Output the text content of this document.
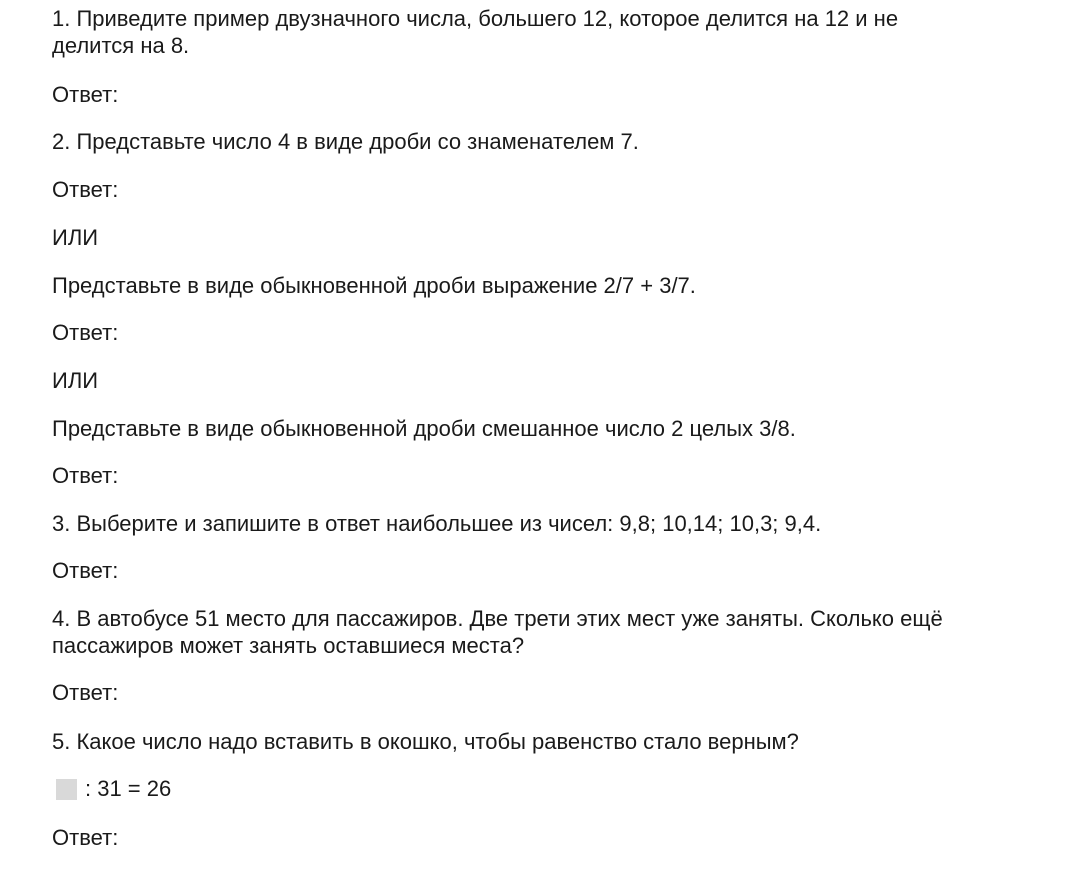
1. Приведите пример двузначного числа, большего 12, которое делится на 12 и не
делится на 8.
Ответ:
2. Представьте число 4 в виде дроби со знаменателем 7.
Ответ:
ИЛИ
Представьте в виде обыкновенной дроби выражение 2/7 + 3/7.
Ответ:
ИЛИ
Представьте в виде обыкновенной дроби смешанное число 2 целых 3/8.
Ответ:
3. Выберите и запишите в ответ наибольшее из чисел: 9,8; 10,14; 10,3; 9,4.
Ответ:
4. В автобусе 51 место для пассажиров. Две трети этих мест уже заняты. Сколько ещё
пассажиров может занять оставшиеся места?
Ответ:
5. Какое число надо вставить в окошко, чтобы равенство стало верным?
: 31 = 26
Ответ:
